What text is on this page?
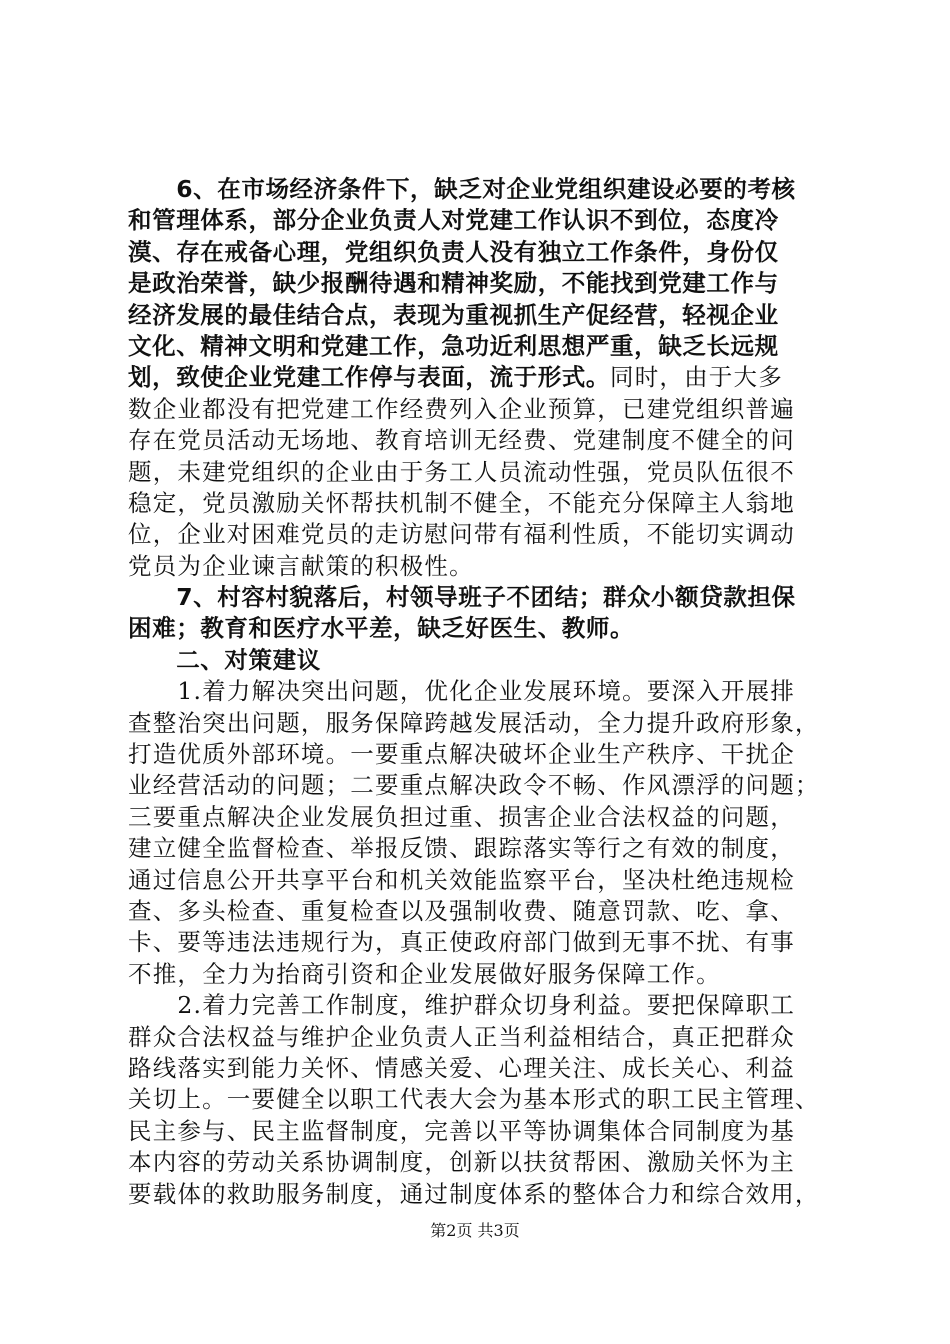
　　6、在市场经济条件下，缺乏对企业党组织建设必要的考核
和管理体系，部分企业负责人对党建工作认识不到位，态度冷
漠、存在戒备心理，党组织负责人没有独立工作条件，身份仅
是政治荣誉，缺少报酬待遇和精神奖励，不能找到党建工作与
经济发展的最佳结合点，表现为重视抓生产促经营，轻视企业
文化、精神文明和党建工作，急功近利思想严重，缺乏长远规
划，致使企业党建工作停与表面，流于形式。同时，由于大多
数企业都没有把党建工作经费列入企业预算，已建党组织普遍
存在党员活动无场地、教育培训无经费、党建制度不健全的问
题，未建党组织的企业由于务工人员流动性强，党员队伍很不
稳定，党员激励关怀帮扶机制不健全，不能充分保障主人翁地
位，企业对困难党员的走访慰问带有福利性质，不能切实调动
党员为企业谏言献策的积极性。
　　7、村容村貌落后，村领导班子不团结；群众小额贷款担保
困难；教育和医疗水平差，缺乏好医生、教师。
　　二、对策建议
　　1.着力解决突出问题，优化企业发展环境。要深入开展排
查整治突出问题，服务保障跨越发展活动，全力提升政府形象，
打造优质外部环境。一要重点解决破坏企业生产秩序、干扰企
业经营活动的问题；二要重点解决政令不畅、作风漂浮的问题；
三要重点解决企业发展负担过重、损害企业合法权益的问题，
建立健全监督检查、举报反馈、跟踪落实等行之有效的制度，
通过信息公开共享平台和机关效能监察平台，坚决杜绝违规检
查、多头检查、重复检查以及强制收费、随意罚款、吃、拿、
卡、要等违法违规行为，真正使政府部门做到无事不扰、有事
不推，全力为抬商引资和企业发展做好服务保障工作。
　　2.着力完善工作制度，维护群众切身利益。要把保障职工
群众合法权益与维护企业负责人正当利益相结合，真正把群众
路线落实到能力关怀、情感关爱、心理关注、成长关心、利益
关切上。一要健全以职工代表大会为基本形式的职工民主管理、
民主参与、民主监督制度，完善以平等协调集体合同制度为基
本内容的劳动关系协调制度，创新以扶贫帮困、激励关怀为主
要载体的救助服务制度，通过制度体系的整体合力和综合效用，
第2页 共3页
